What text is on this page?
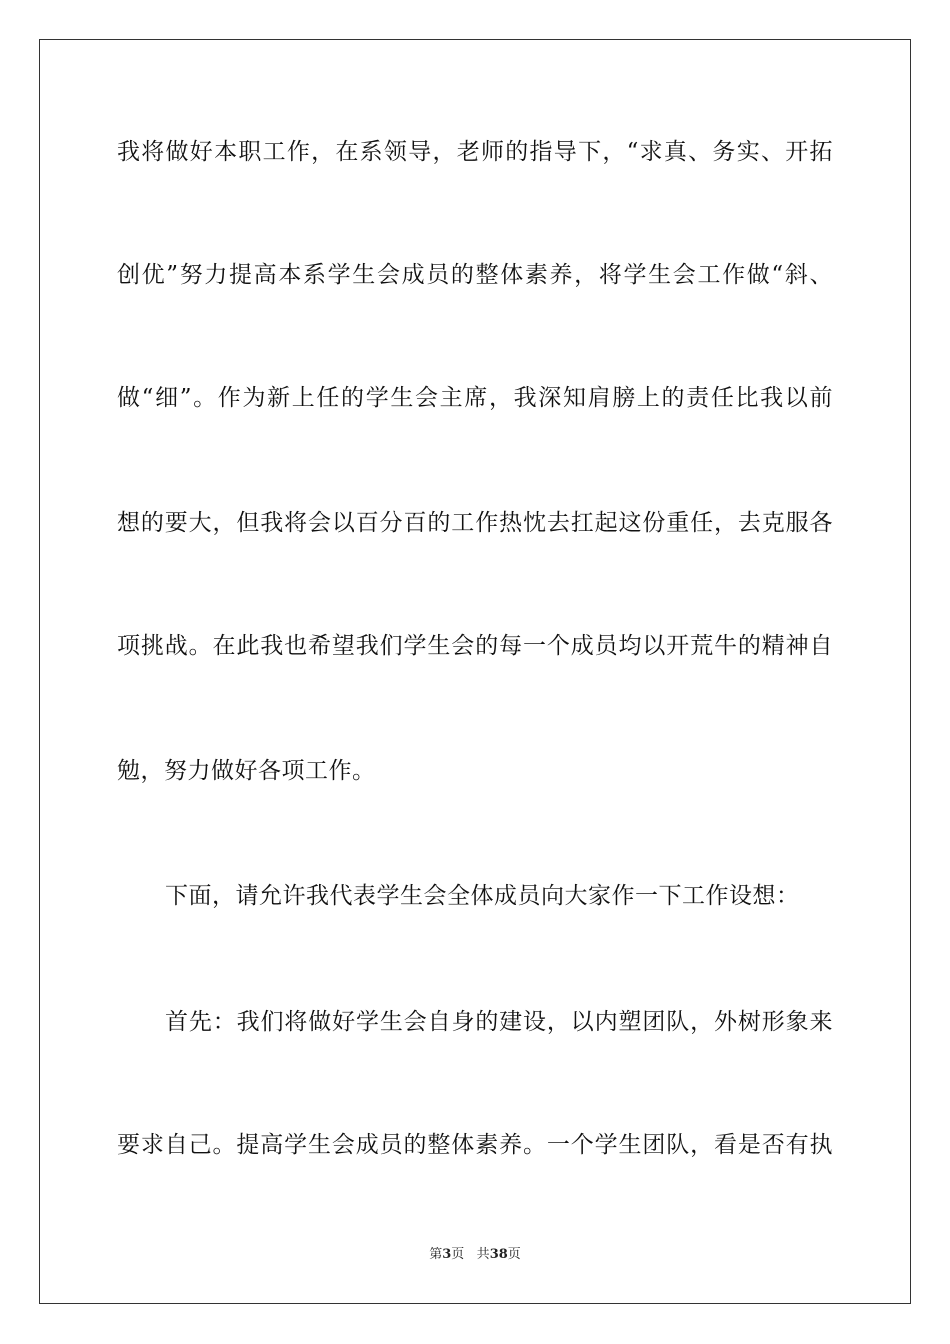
我将做好本职工作，在系领导，老师的指导下，“求真、务实、开拓
创优”努力提高本系学生会成员的整体素养，将学生会工作做“斜、
做“细”。作为新上任的学生会主席，我深知肩膀上的责任比我以前
想的要大，但我将会以百分百的工作热忱去扛起这份重任，去克服各
项挑战。在此我也希望我们学生会的每一个成员均以开荒牛的精神自
勉，努力做好各项工作。
下面，请允许我代表学生会全体成员向大家作一下工作设想：
首先：我们将做好学生会自身的建设，以内塑团队，外树形象来
要求自己。提高学生会成员的整体素养。一个学生团队，看是否有执
第3页 共38页
